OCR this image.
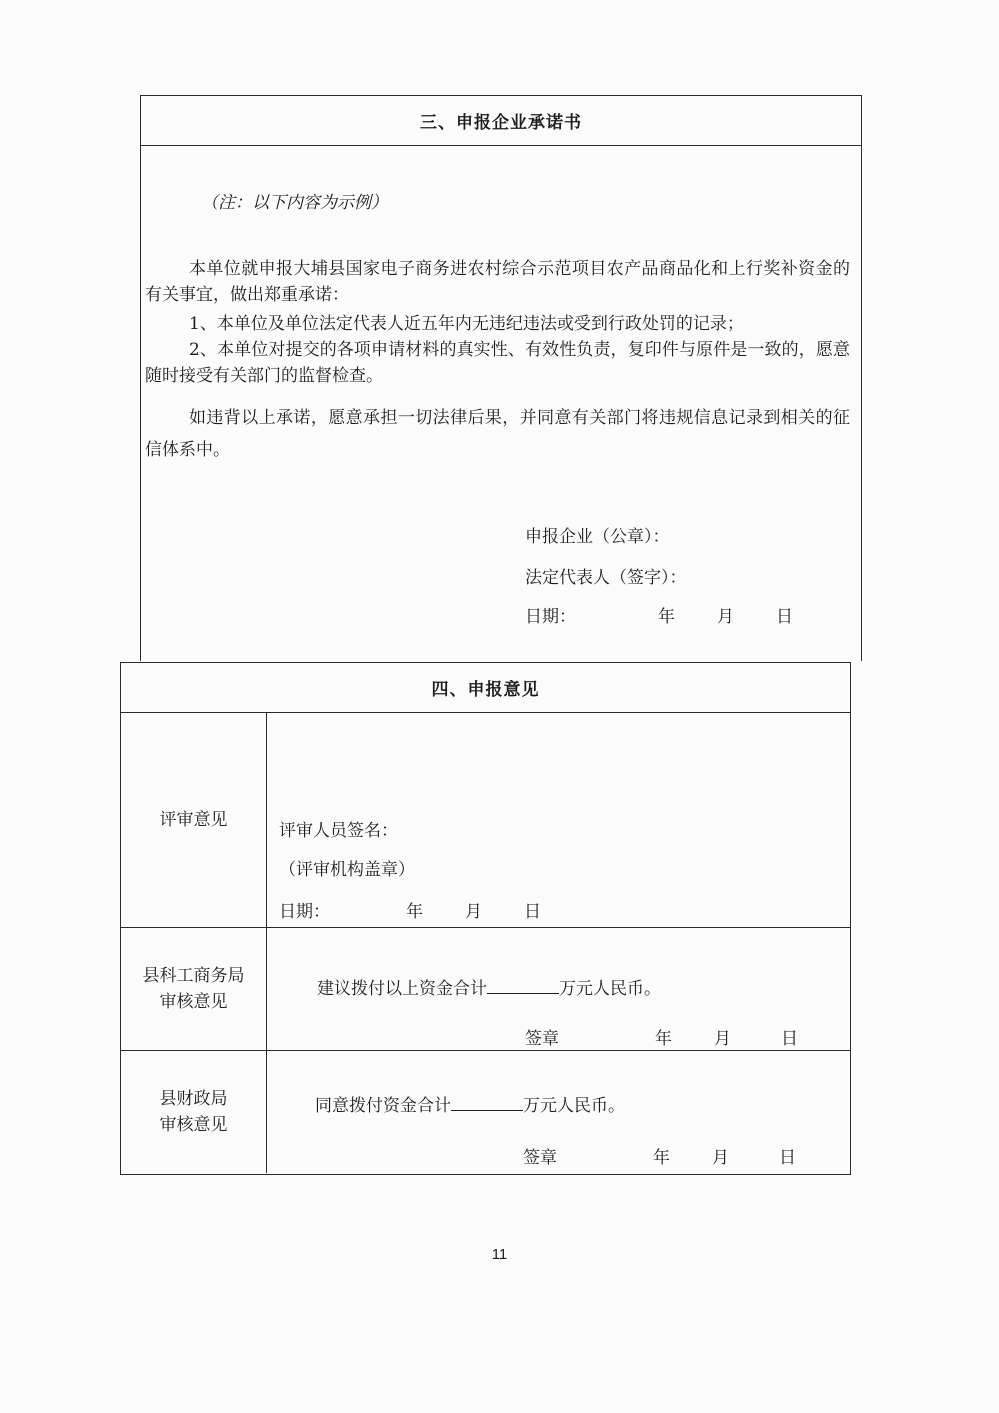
三、申报企业承诺书
（注：以下内容为示例）
本单位就申报大埔县国家电子商务进农村综合示范项目农产品商品化和上行奖补资金的有关事宜，做出郑重承诺：
1、本单位及单位法定代表人近五年内无违纪违法或受到行政处罚的记录；
2、本单位对提交的各项申请材料的真实性、有效性负责，复印件与原件是一致的，愿意随时接受有关部门的监督检查。
如违背以上承诺，愿意承担一切法律后果，并同意有关部门将违规信息记录到相关的征信体系中。
申报企业（公章）：
法定代表人（签字）：
日期：	年 月 日
四、申报意见
评审意见
评审人员签名：
（评审机构盖章）
日期：	年 月 日
县科工商务局
审核意见
建议拨付以上资金合计	万元人民币。
签章	年 月	日
县财政局
审核意见
同意拨付资金合计	万元人民币。
签章	年 月	日
11
